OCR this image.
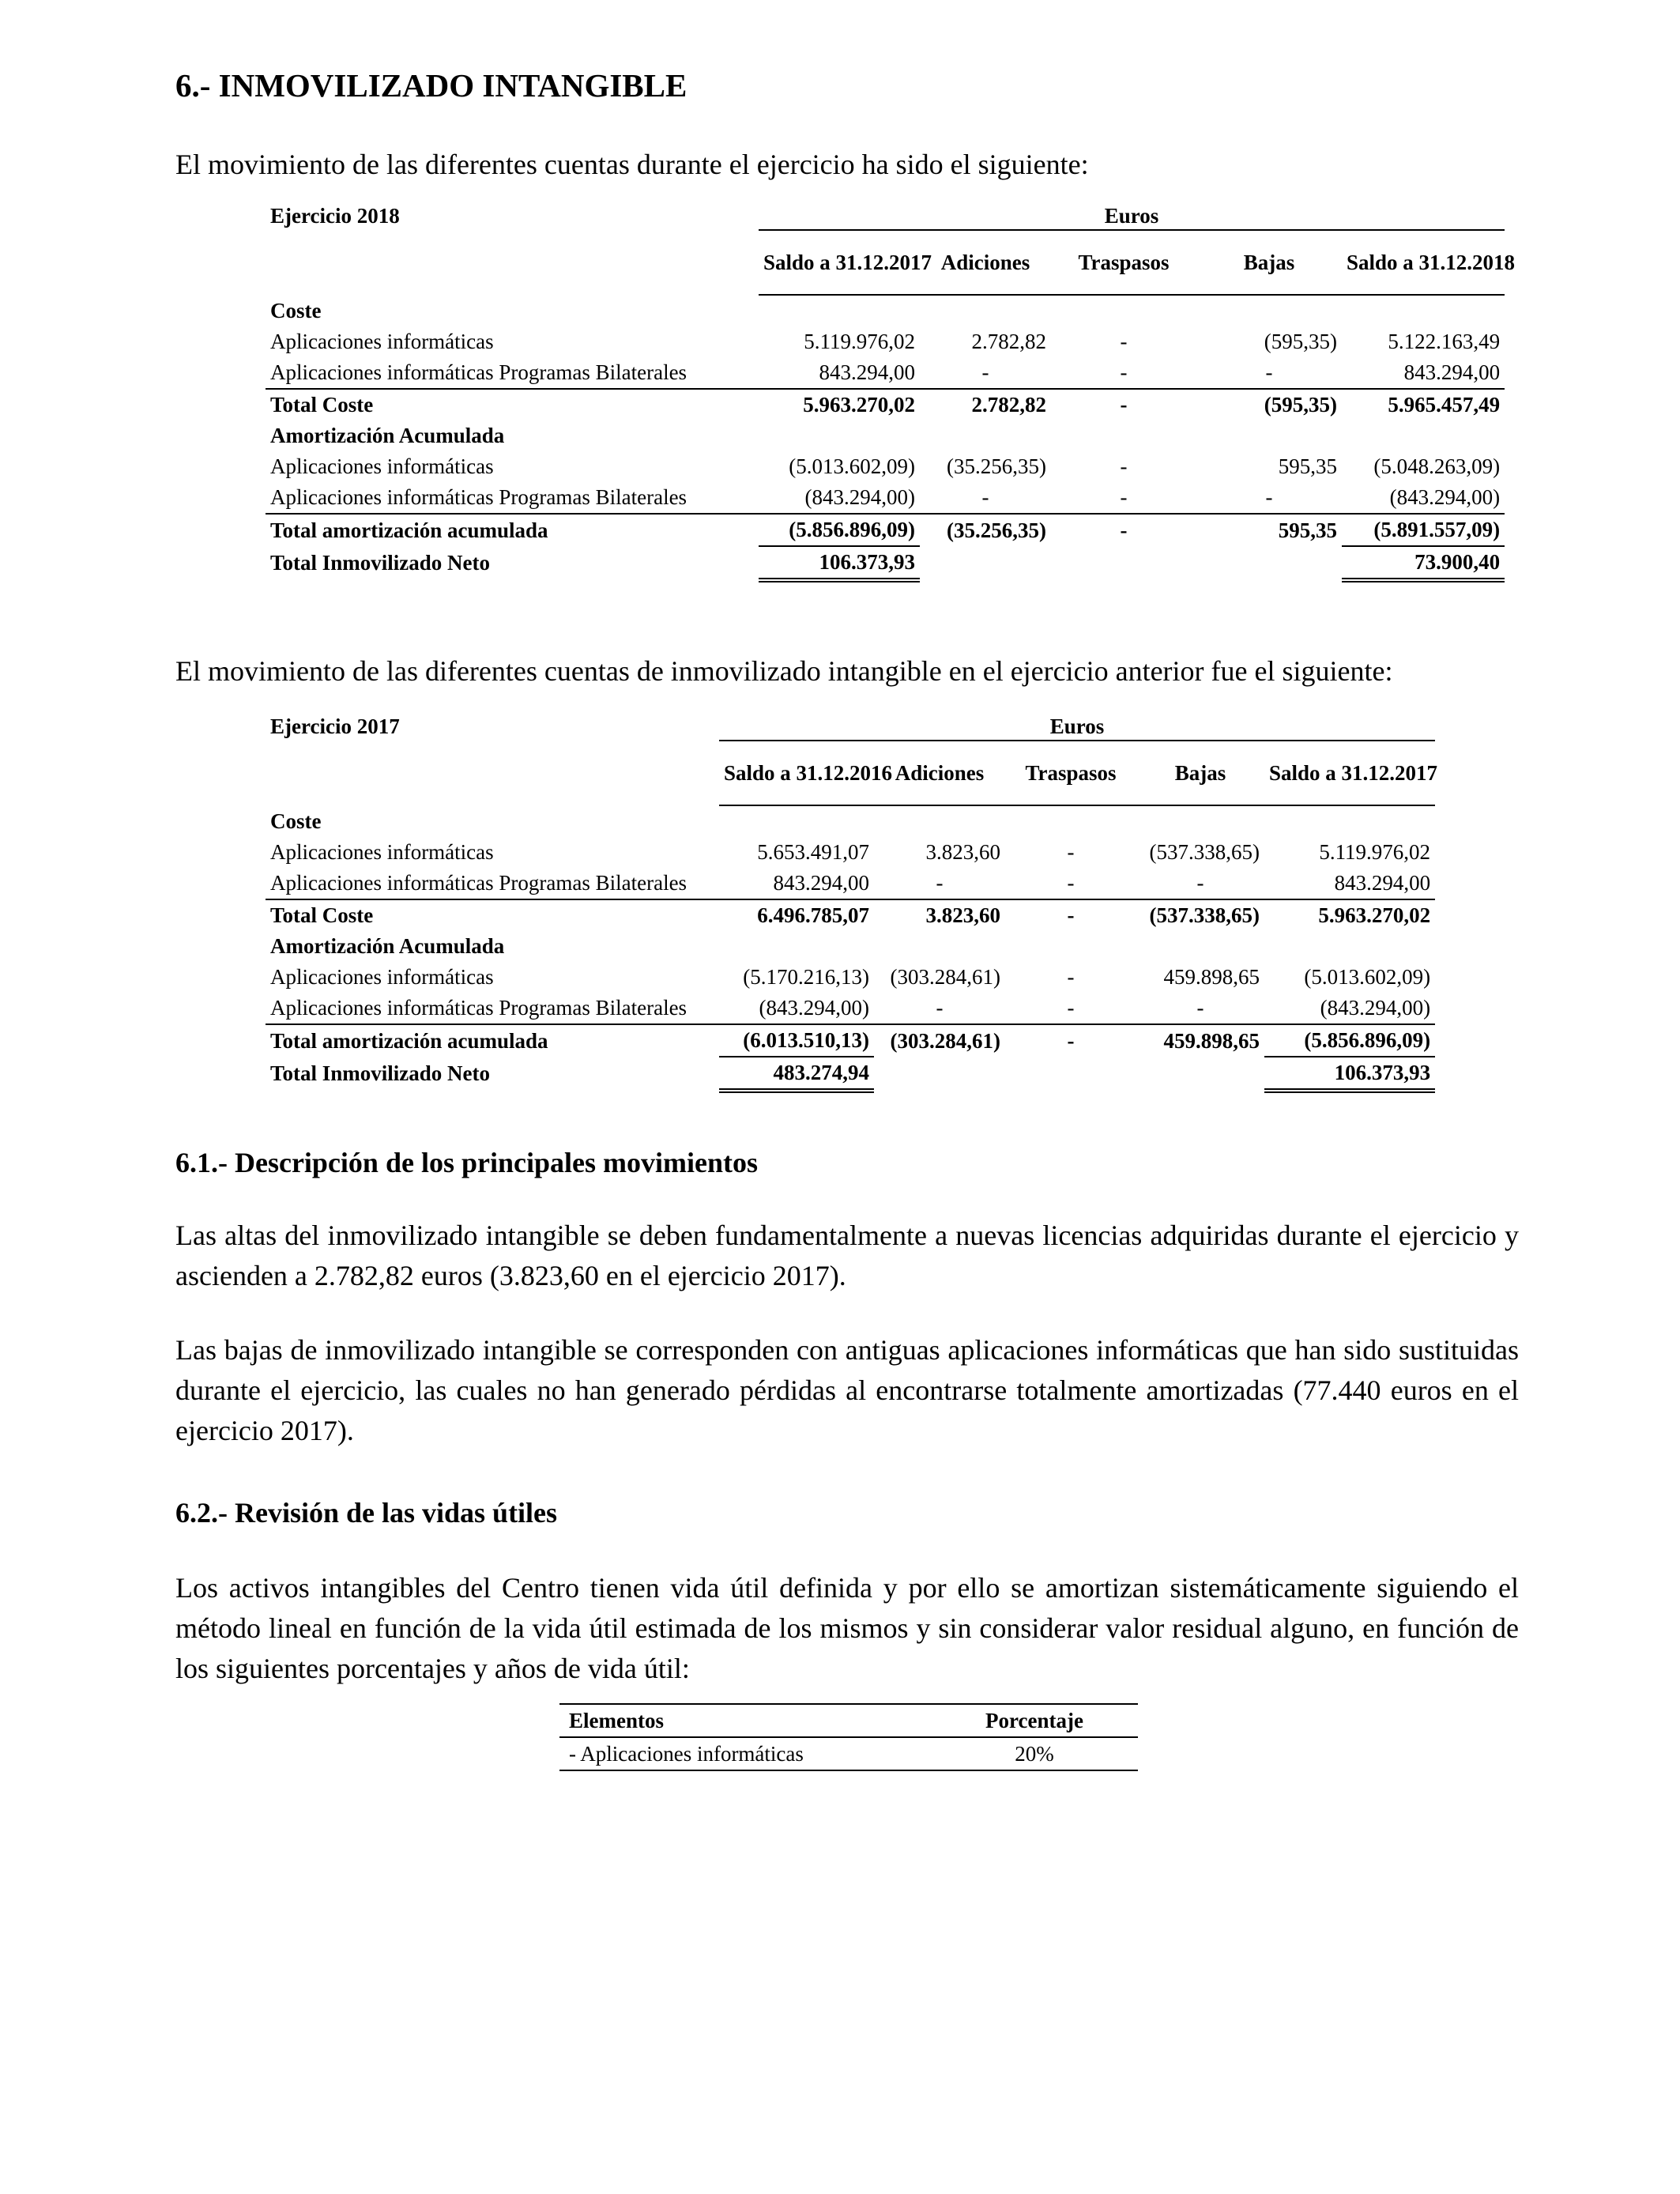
6.- INMOVILIZADO INTANGIBLE

El movimiento de las diferentes cuentas durante el ejercicio ha sido el siguiente:

Ejercicio 2018	Euros				
	Saldo a 31.12.2017	Adiciones	Traspasos	Bajas	Saldo a 31.12.2018
Coste					
Aplicaciones informáticas	5.119.976,02	2.782,82	-	(595,35)	5.122.163,49
Aplicaciones informáticas Programas Bilaterales	843.294,00	-	-	-	843.294,00
Total Coste	5.963.270,02	2.782,82	-	(595,35)	5.965.457,49
Amortización Acumulada					
Aplicaciones informáticas	(5.013.602,09)	(35.256,35)	-	595,35	(5.048.263,09)
Aplicaciones informáticas Programas Bilaterales	(843.294,00)	-	-	-	(843.294,00)
Total amortización acumulada	(5.856.896,09)	(35.256,35)	-	595,35	(5.891.557,09)
Total Inmovilizado Neto	106.373,93				73.900,40

El movimiento de las diferentes cuentas de inmovilizado intangible en el ejercicio anterior fue el siguiente:

Ejercicio 2017	Euros				
	Saldo a 31.12.2016	Adiciones	Traspasos	Bajas	Saldo a 31.12.2017
Coste					
Aplicaciones informáticas	5.653.491,07	3.823,60	-	(537.338,65)	5.119.976,02
Aplicaciones informáticas Programas Bilaterales	843.294,00	-	-	-	843.294,00
Total Coste	6.496.785,07	3.823,60	-	(537.338,65)	5.963.270,02
Amortización Acumulada					
Aplicaciones informáticas	(5.170.216,13)	(303.284,61)	-	459.898,65	(5.013.602,09)
Aplicaciones informáticas Programas Bilaterales	(843.294,00)	-	-	-	(843.294,00)
Total amortización acumulada	(6.013.510,13)	(303.284,61)	-	459.898,65	(5.856.896,09)
Total Inmovilizado Neto	483.274,94				106.373,93
6.1.- Descripción de los principales movimientos

Las altas del inmovilizado intangible se deben fundamentalmente a nuevas licencias adquiridas durante el ejercicio y ascienden a 2.782,82 euros (3.823,60 en el ejercicio 2017).

Las bajas de inmovilizado intangible se corresponden con antiguas aplicaciones informáticas que han sido sustituidas durante el ejercicio, las cuales no han generado pérdidas al encontrarse totalmente amortizadas (77.440 euros en el ejercicio 2017).

6.2.- Revisión de las vidas útiles

Los activos intangibles del Centro tienen vida útil definida y por ello se amortizan sistemáticamente siguiendo el método lineal en función de la vida útil estimada de los mismos y sin considerar valor residual alguno, en función de los siguientes porcentajes y años de vida útil:

Elementos	Porcentaje
- Aplicaciones informáticas	20%
